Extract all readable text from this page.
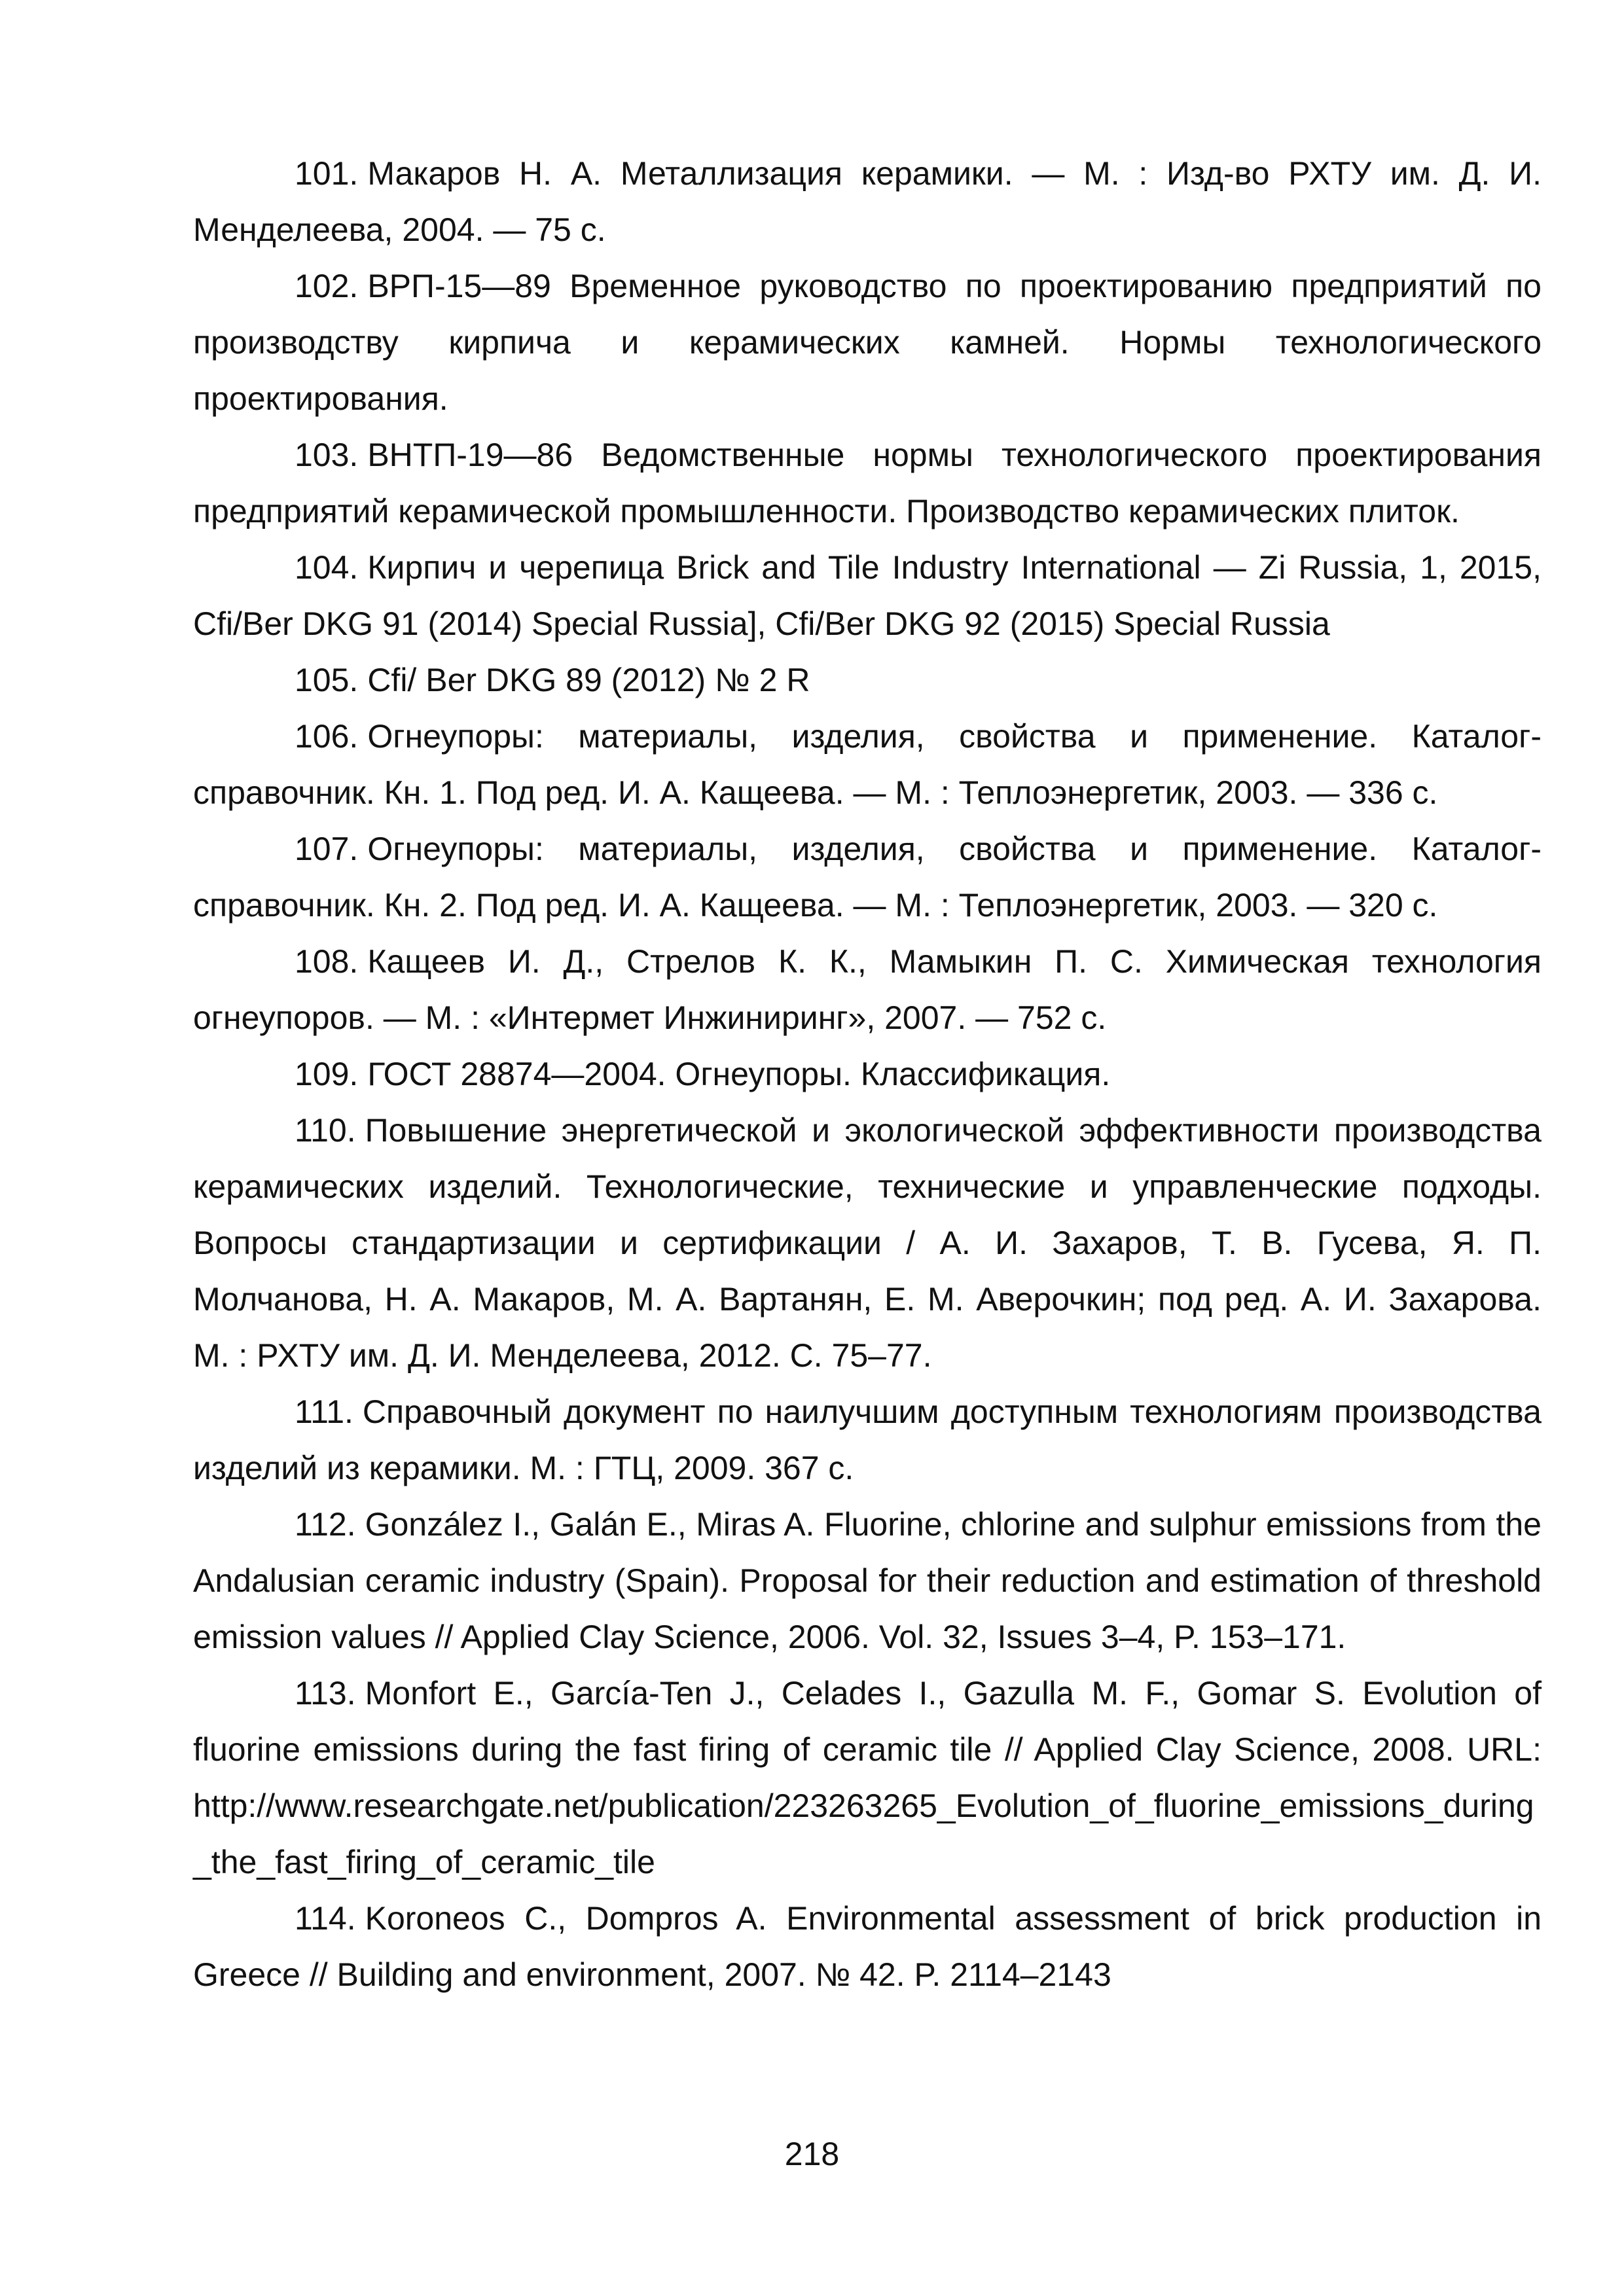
101. Макаров Н. А. Металлизация керамики. — М. : Изд-во РХТУ им. Д. И. Менделеева, 2004. — 75 с.

102. ВРП-15—89 Временное руководство по проектированию предприятий по производству кирпича и керамических камней. Нормы технологического проектирования.

103. ВНТП-19—86 Ведомственные нормы технологического проектирования предприятий керамической промышленности. Производство керамических плиток.

104. Кирпич и черепица Brick and Tile Industry International — Zi Russia, 1, 2015, Cfi/Ber DKG 91 (2014) Special Russia], Cfi/Ber DKG 92 (2015) Special Russia

105. Cfi/ Ber DKG 89 (2012) № 2 R

106. Огнеупоры: материалы, изделия, свойства и применение. Каталог-справочник. Кн. 1. Под ред. И. А. Кащеева. — М. : Теплоэнергетик, 2003. — 336 с.

107. Огнеупоры: материалы, изделия, свойства и применение. Каталог-справочник. Кн. 2. Под ред. И. А. Кащеева. — М. : Теплоэнергетик, 2003. — 320 с.

108. Кащеев И. Д., Стрелов К. К., Мамыкин П. С. Химическая технология огнеупоров. — М. : «Интермет Инжиниринг», 2007. — 752 с.

109. ГОСТ 28874—2004. Огнеупоры. Классификация.

110. Повышение энергетической и экологической эффективности производства керамических изделий. Технологические, технические и управленческие подходы. Вопросы стандартизации и сертификации / А. И. Захаров, Т. В. Гусева, Я. П. Молчанова, Н. А. Макаров, М. А. Вартанян, Е. М. Аверочкин; под ред. А. И. Захарова. М. : РХТУ им. Д. И. Менделеева, 2012. С. 75–77.

111. Справочный документ по наилучшим доступным технологиям производства изделий из керамики. М. : ГТЦ, 2009. 367 с.

112. González I., Galán E., Miras A. Fluorine, chlorine and sulphur emissions from the Andalusian ceramic industry (Spain). Proposal for their reduction and estimation of threshold emission values // Applied Clay Science, 2006. Vol. 32, Issues 3–4, P. 153–171.

113. Monfort E., García-Ten J., Celades I., Gazulla M. F., Gomar S. Evolution of fluorine emissions during the fast firing of ceramic tile // Applied Clay Science, 2008. URL: http://www.researchgate.net/publication/223263265_Evolution_of_fluorine_emissions_during_the_fast_firing_of_ceramic_tile

114. Koroneos C., Dompros A. Environmental assessment of brick production in Greece // Building and environment, 2007. № 42. P. 2114–2143

218
